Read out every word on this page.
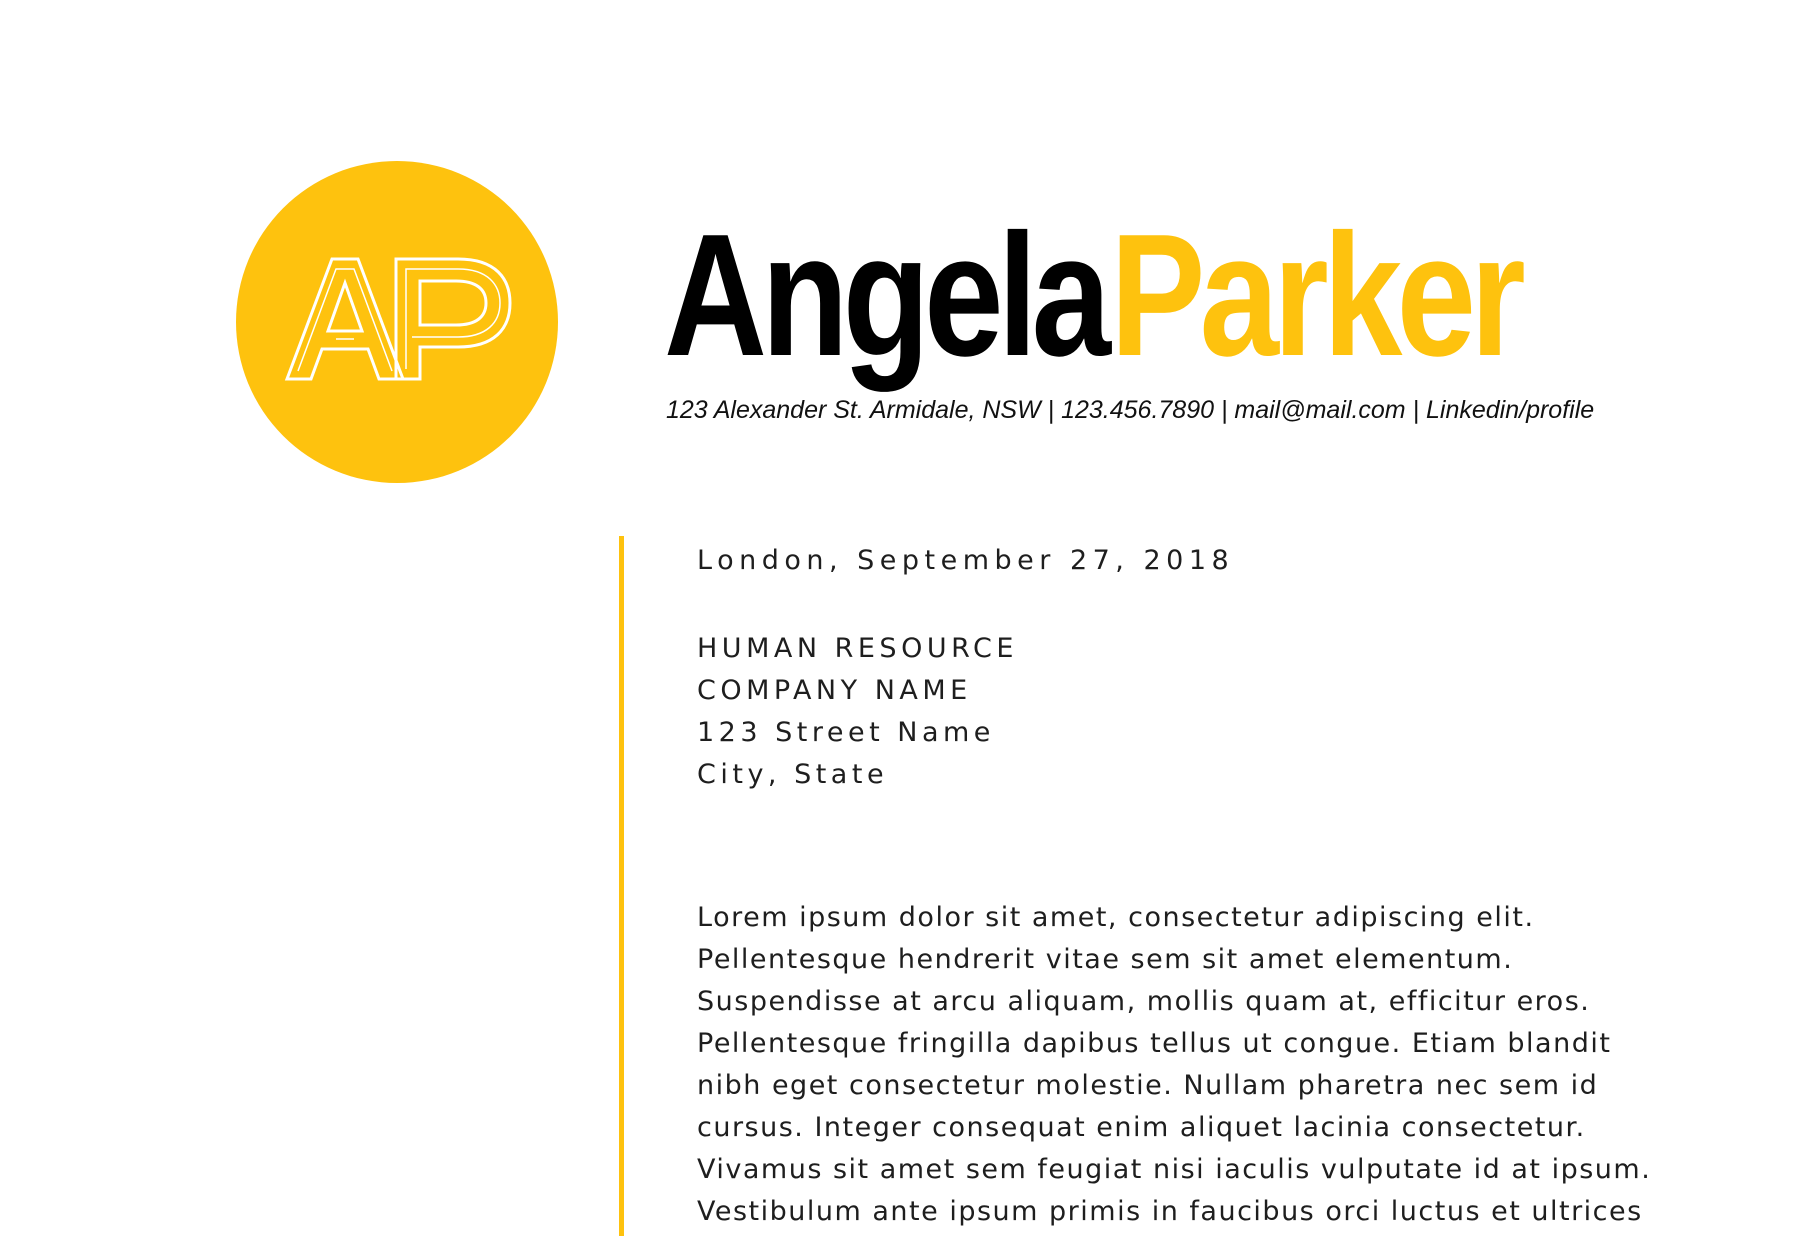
AngelaParker
123 Alexander St. Armidale, NSW | 123.456.7890 | mail@mail.com | Linkedin/profile
London, September 27, 2018
HUMAN RESOURCE
COMPANY NAME
123 Street Name
City, State
Lorem ipsum dolor sit amet, consectetur adipiscing elit.
Pellentesque hendrerit vitae sem sit amet elementum.
Suspendisse at arcu aliquam, mollis quam at, efficitur eros.
Pellentesque fringilla dapibus tellus ut congue. Etiam blandit
nibh eget consectetur molestie. Nullam pharetra nec sem id
cursus. Integer consequat enim aliquet lacinia consectetur.
Vivamus sit amet sem feugiat nisi iaculis vulputate id at ipsum.
Vestibulum ante ipsum primis in faucibus orci luctus et ultrices
